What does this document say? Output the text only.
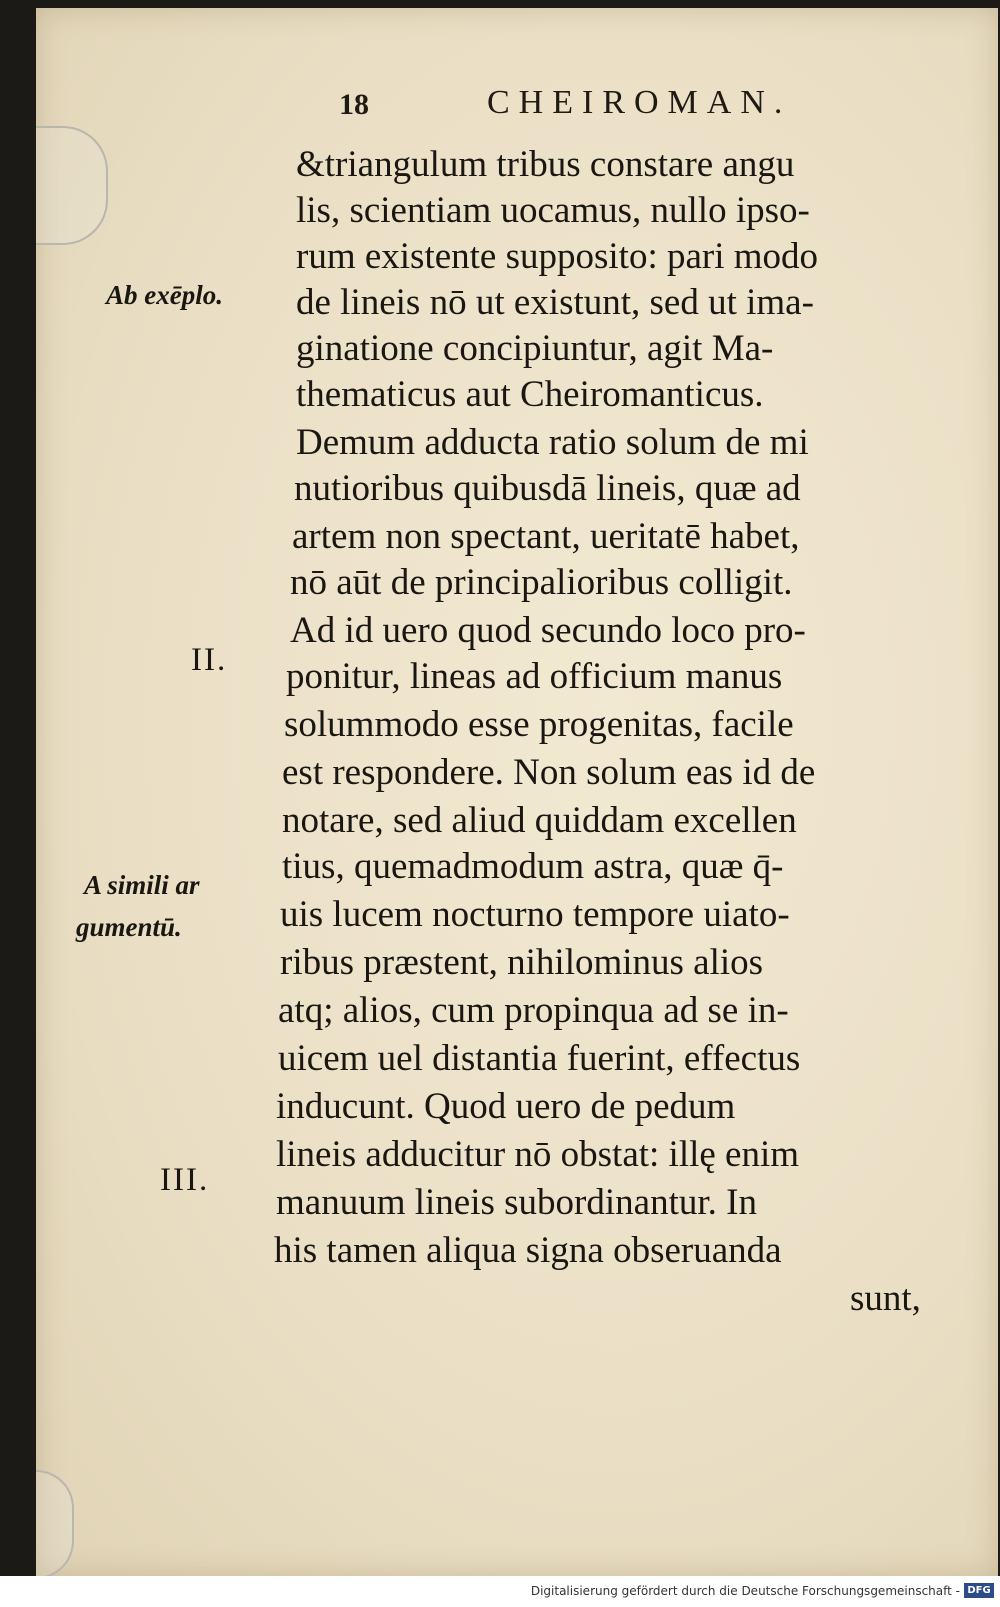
18	CHEIROMAN.
&triangulum tribus constare angu
lis, scientiam uocamus, nullo ipso-
rum existente supposito: pari modo
de lineis nō ut existunt, sed ut ima-
ginatione concipiuntur, agit Ma-
thematicus aut Cheiromanticus.
Demum adducta ratio solum de mi
nutioribus quibusdā lineis, quæ ad
artem non spectant, ueritatē habet,
nō aūt de principalioribus colligit.
Ad id uero quod secundo loco pro-
ponitur, lineas ad officium manus
solummodo esse progenitas, facile
est respondere. Non solum eas id de
notare, sed aliud quiddam excellen
tius, quemadmodum astra, quæ q̄-
uis lucem nocturno tempore uiato-
ribus præstent, nihilominus alios
atq; alios, cum propinqua ad se in-
uicem uel distantia fuerint, effectus
inducunt. Quod uero de pedum
lineis adducitur nō obstat: illę enim
manuum lineis subordinantur. In
his tamen aliqua signa obseruanda
sunt,
Ab exēplo.
II.
A simili ar
gumentū.
III.
Digitalisierung gefördert durch die Deutsche Forschungsgemeinschaft - DFG
